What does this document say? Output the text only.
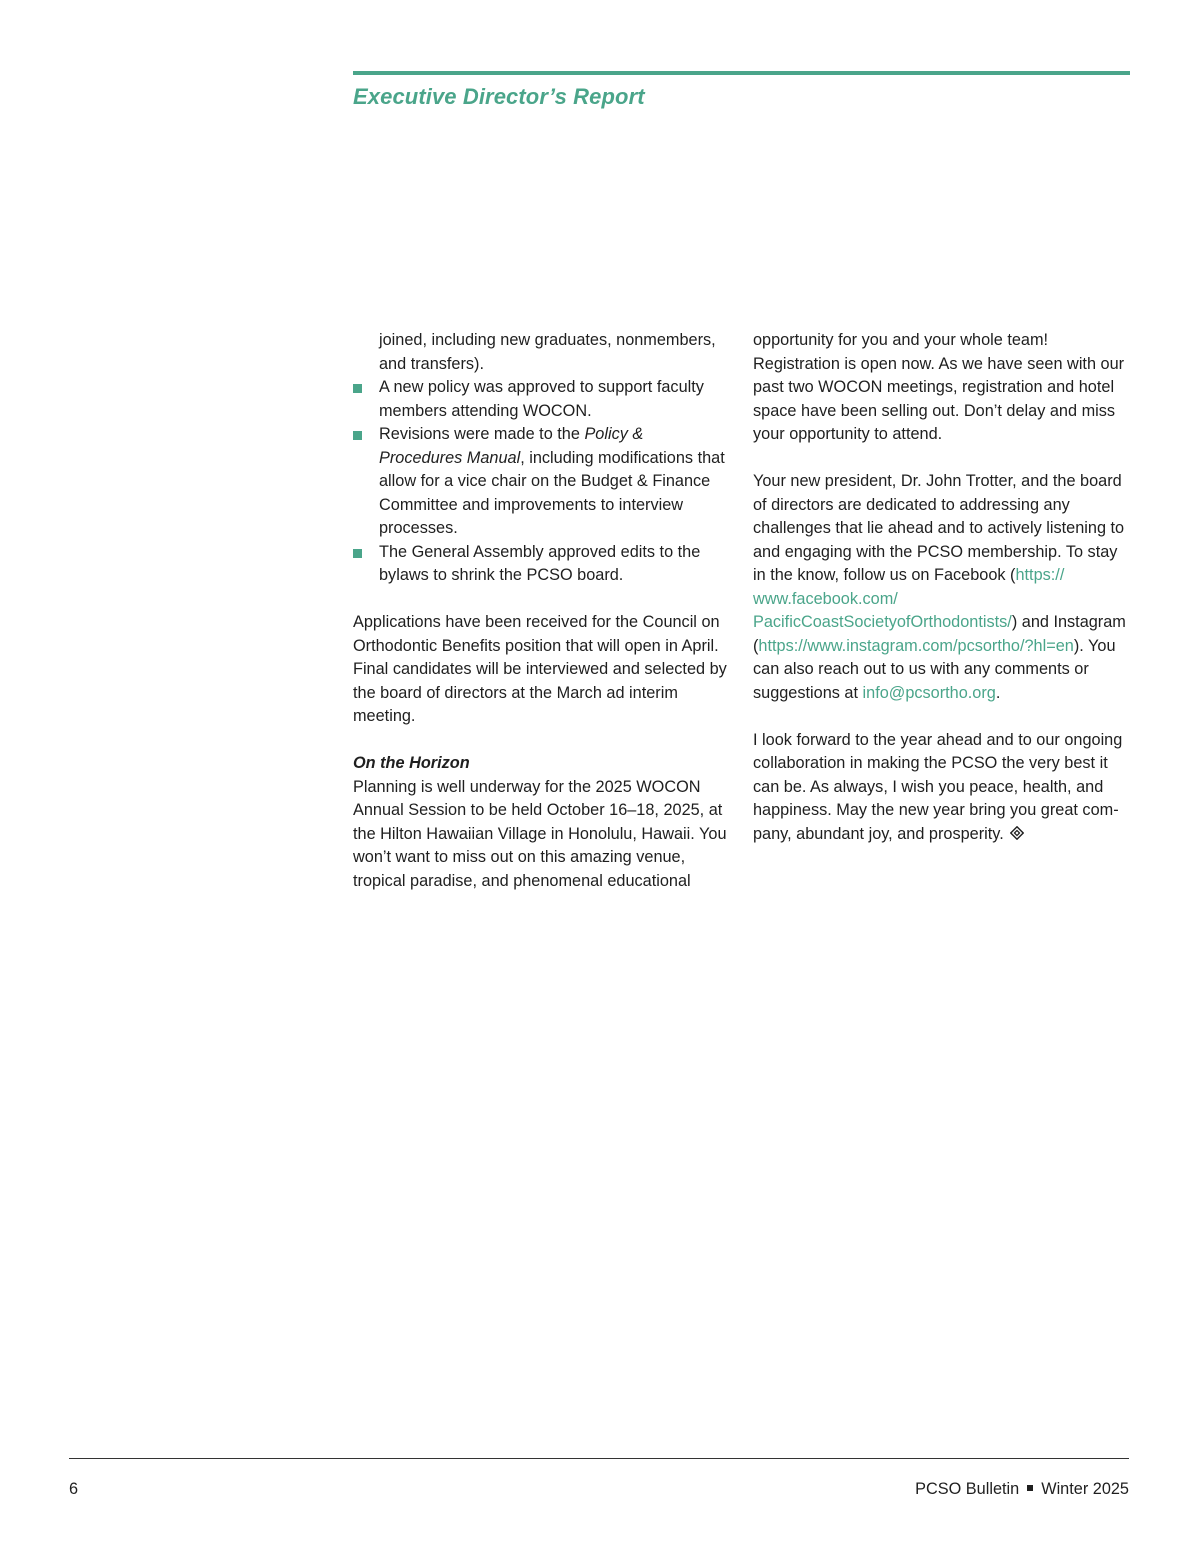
Executive Director’s Report

joined, including new graduates, nonmembers, and transfers).

A new policy was approved to support faculty members attending WOCON.
Revisions were made to the Policy & Procedures Manual, including modifications that allow for a vice chair on the Budget & Finance Committee and improvements to interview processes.
The General Assembly approved edits to the bylaws to shrink the PCSO board.

Applications have been received for the Council on Orthodontic Benefits position that will open in April. Final candidates will be interviewed and selected by the board of directors at the March ad interim meeting.

On the Horizon

Planning is well underway for the 2025 WOCON Annual Session to be held October 16–18, 2025, at the Hilton Hawaiian Village in Honolulu, Hawaii. You won’t want to miss out on this amazing venue, tropical paradise, and phenomenal educational

opportunity for you and your whole team! Registration is open now. As we have seen with our past two WOCON meetings, registration and hotel space have been selling out. Don’t delay and miss your opportunity to attend.

Your new president, Dr. John Trotter, and the board of directors are dedicated to addressing any challenges that lie ahead and to actively listening to and engaging with the PCSO membership. To stay in the know, follow us on Facebook (https://www.facebook.com/PacificCoastSocietyofOrthodontists/) and Instagram (https://www.instagram.com/pcsortho/?hl=en). You can also reach out to us with any comments or suggestions at info@pcsortho.org.

I look forward to the year ahead and to our ongoing collaboration in making the PCSO the very best it can be. As always, I wish you peace, health, and happiness. May the new year bring you great company, abundant joy, and prosperity.

6	PCSO Bulletin Winter 2025
